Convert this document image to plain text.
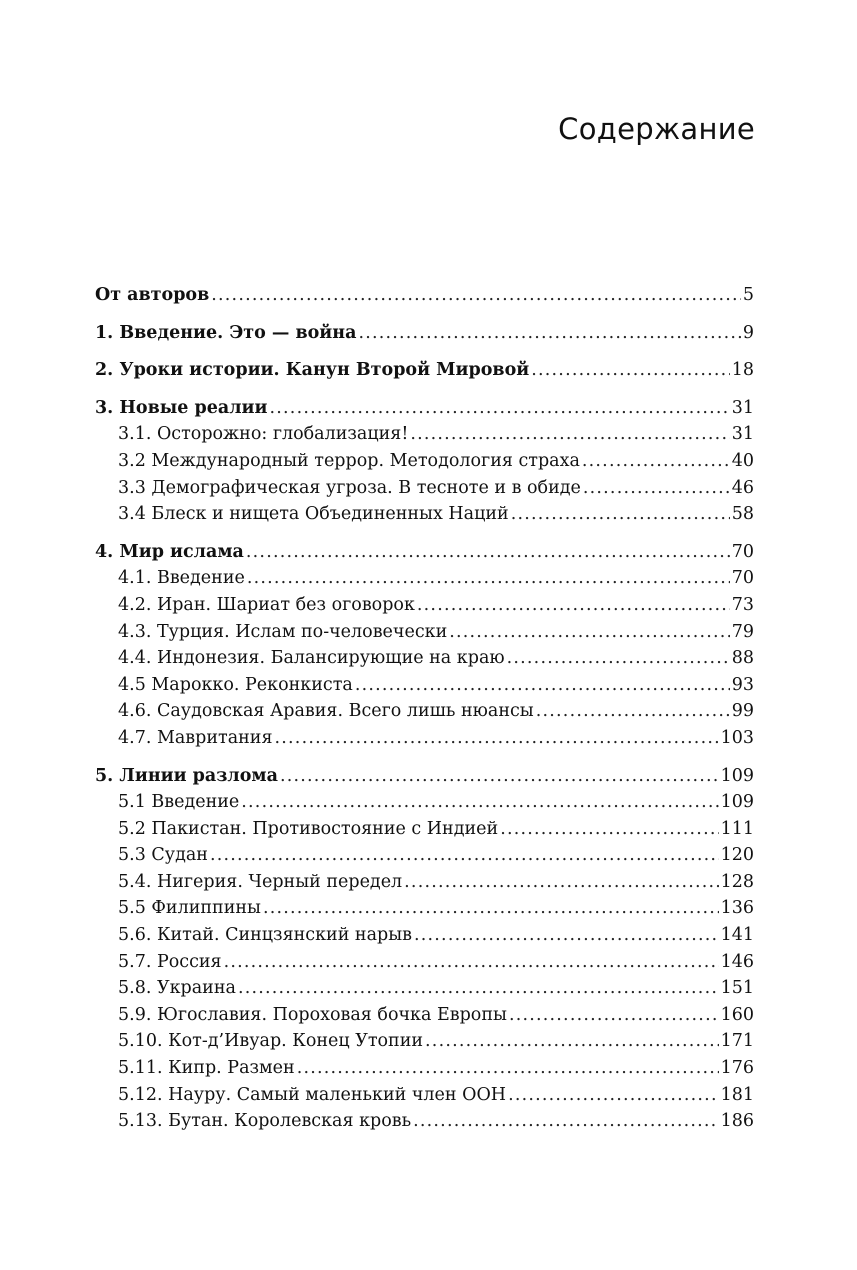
Содержание
От авторов .....	5
1. Введение. Это — война .....	9
2. Уроки истории. Канун Второй Мировой .....	18
3. Новые реалии .....	31
3.1. Осторожно: глобализация! .....	31
3.2 Международный террор. Методология страха .....	40
3.3 Демографическая угроза. В тесноте и в обиде .....	46
3.4 Блеск и нищета Объединенных Наций .....	58
4. Мир ислама .....	70
4.1. Введение .....	70
4.2. Иран. Шариат без оговорок .....	73
4.3. Турция. Ислам по-человечески .....	79
4.4. Индонезия. Балансирующие на краю .....	88
4.5 Марокко. Реконкиста .....	93
4.6. Саудовская Аравия. Всего лишь нюансы .....	99
4.7. Мавритания .....	103
5. Линии разлома .....	109
5.1 Введение .....	109
5.2 Пакистан. Противостояние с Индией .....	111
5.3 Судан .....	120
5.4. Нигерия. Черный передел .....	128
5.5 Филиппины .....	136
5.6. Китай. Синцзянский нарыв .....	141
5.7. Россия .....	146
5.8. Украина .....	151
5.9. Югославия. Пороховая бочка Европы .....	160
5.10. Кот-д’Ивуар. Конец Утопии .....	171
5.11. Кипр. Размен .....	176
5.12. Науру. Самый маленький член ООН .....	181
5.13. Бутан. Королевская кровь .....	186
